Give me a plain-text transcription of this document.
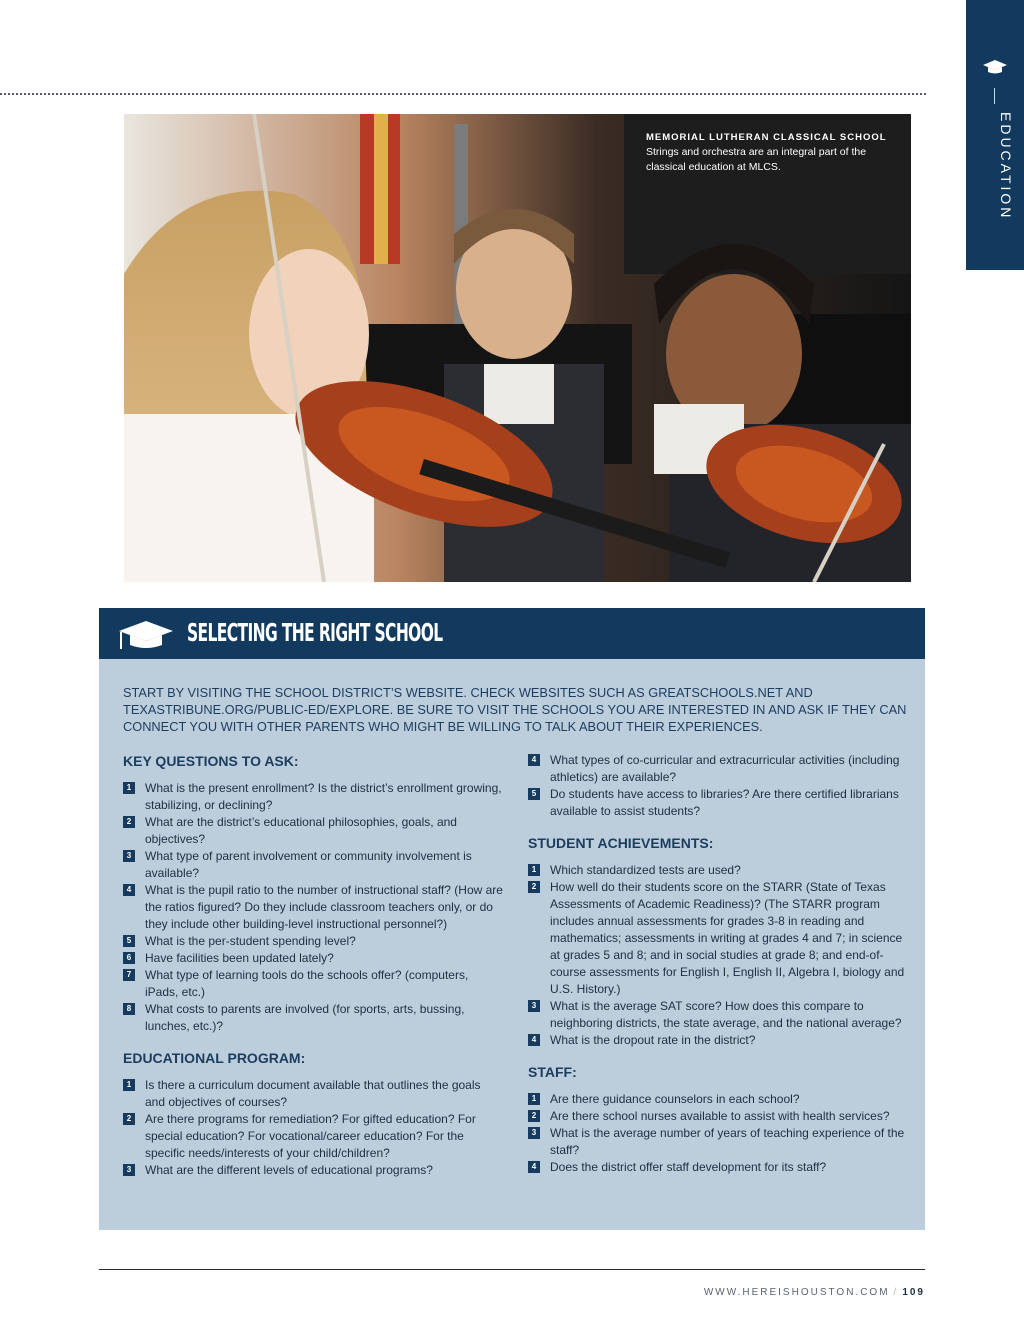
EDUCATION
MEMORIAL LUTHERAN CLASSICAL SCHOOL
Strings and orchestra are an integral part of the classical education at MLCS.
SELECTING THE RIGHT SCHOOL
START BY VISITING THE SCHOOL DISTRICT’S WEBSITE. CHECK WEBSITES SUCH AS GREATSCHOOLS.NET AND TEXASTRIBUNE.ORG/PUBLIC-ED/EXPLORE. BE SURE TO VISIT THE SCHOOLS YOU ARE INTERESTED IN AND ASK IF THEY CAN CONNECT YOU WITH OTHER PARENTS WHO MIGHT BE WILLING TO TALK ABOUT THEIR EXPERIENCES.
KEY QUESTIONS TO ASK:
1	What is the present enrollment? Is the district’s enrollment growing, stabilizing, or declining?
2	What are the district’s educational philosophies, goals, and objectives?
3	What type of parent involvement or community involvement is available?
4	What is the pupil ratio to the number of instructional staff? (How are the ratios figured? Do they include classroom teachers only, or do they include other building-level instructional personnel?)
5	What is the per-student spending level?
6	Have facilities been updated lately?
7	What type of learning tools do the schools offer? (computers, iPads, etc.)
8	What costs to parents are involved (for sports, arts, bussing, lunches, etc.)?
EDUCATIONAL PROGRAM:
1	Is there a curriculum document available that outlines the goals and objectives of courses?
2	Are there programs for remediation? For gifted education? For special education? For vocational/career education? For the specific needs/interests of your child/children?
3	What are the different levels of educational programs?
4	What types of co-curricular and extracurricular activities (including athletics) are available?
5	Do students have access to libraries? Are there certified librarians available to assist students?
STUDENT ACHIEVEMENTS:
1	Which standardized tests are used?
2	How well do their students score on the STARR (State of Texas Assessments of Academic Readiness)? (The STARR program includes annual assessments for grades 3-8 in reading and mathematics; assessments in writing at grades 4 and 7; in science at grades 5 and 8; and in social studies at grade 8; and end-of-course assessments for English I, English II, Algebra I, biology and U.S. History.)
3	What is the average SAT score? How does this compare to neighboring districts, the state average, and the national average?
4	What is the dropout rate in the district?
STAFF:
1	Are there guidance counselors in each school?
2	Are there school nurses available to assist with health services?
3	What is the average number of years of teaching experience of the staff?
4	Does the district offer staff development for its staff?
WWW.HEREISHOUSTON.COM / 109
